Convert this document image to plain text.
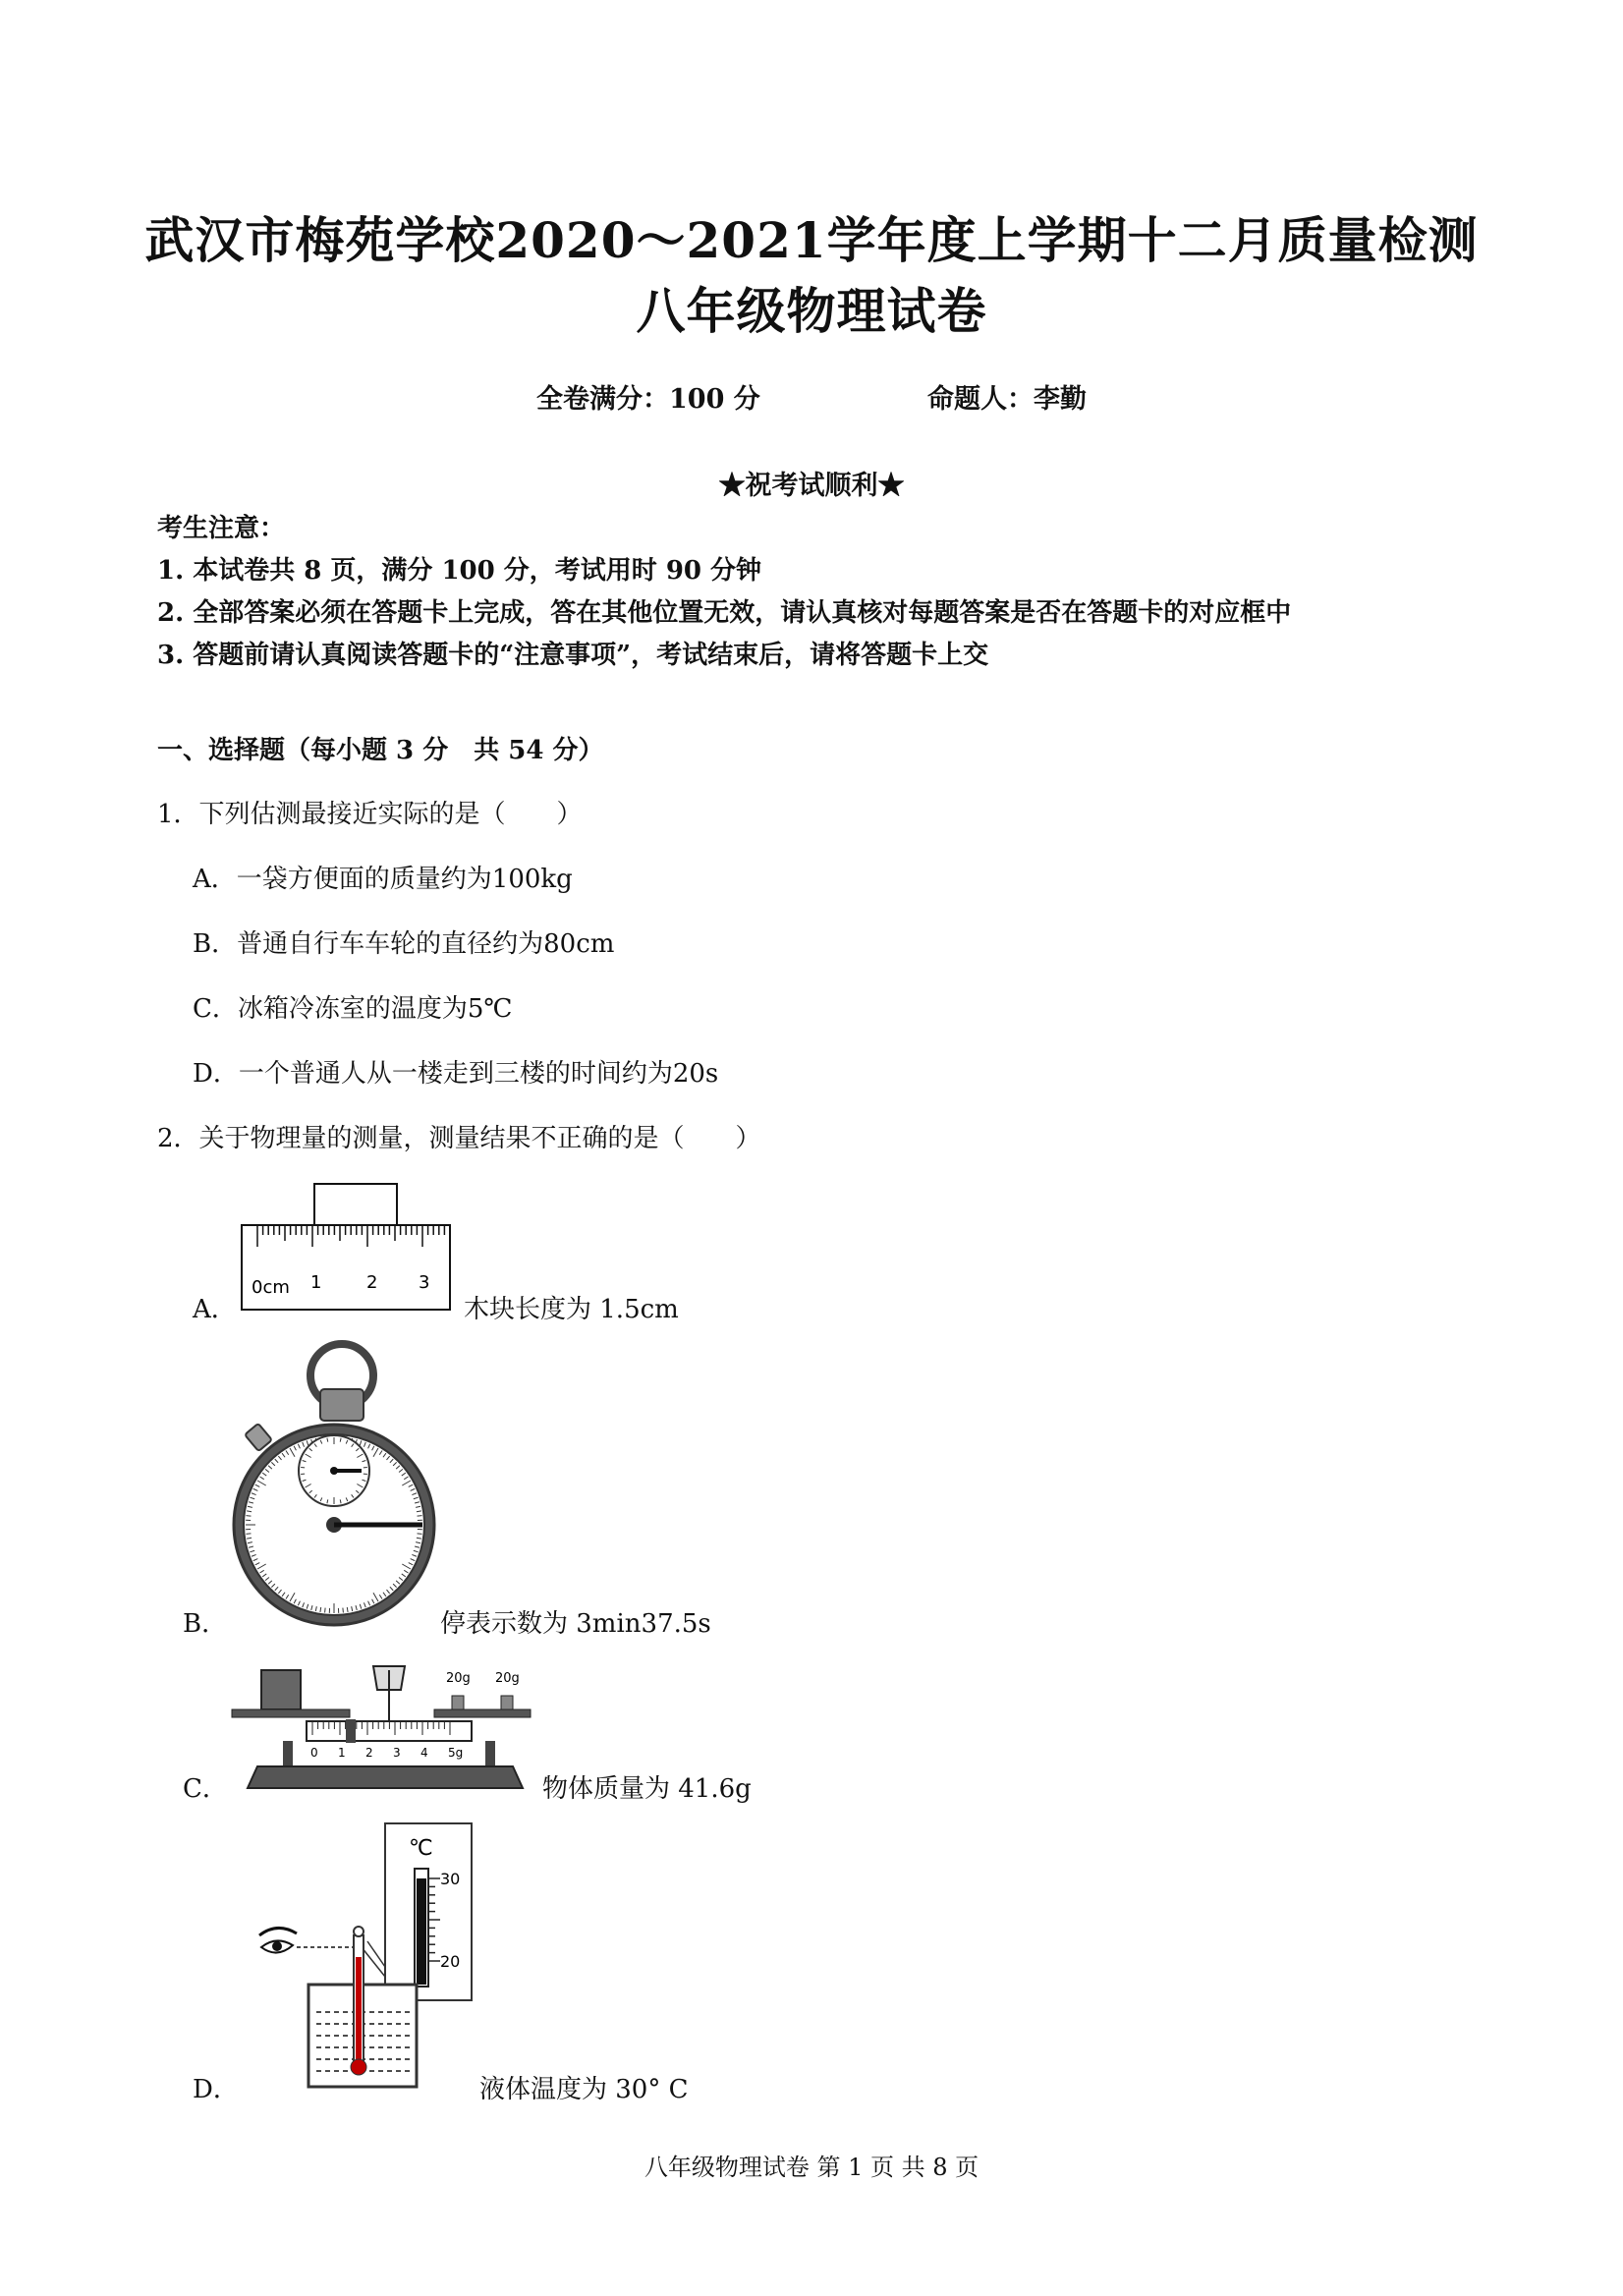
武汉市梅苑学校2020～2021学年度上学期十二月质量检测
八年级物理试卷
全卷满分：100 分	命题人：李勤
★祝考试顺利★
考生注意：
1. 本试卷共 8 页，满分 100 分，考试用时 90 分钟
2. 全部答案必须在答题卡上完成，答在其他位置无效，请认真核对每题答案是否在答题卡的对应框中
3. 答题前请认真阅读答题卡的“注意事项”，考试结束后，请将答题卡上交
一、选择题（每小题 3 分　共 54 分）
1．下列估测最接近实际的是（　　）
A．一袋方便面的质量约为100kg
B．普通自行车车轮的直径约为80cm
C．冰箱冷冻室的温度为5℃
D．一个普通人从一楼走到三楼的时间约为20s
2．关于物理量的测量，测量结果不正确的是（　　）
A．
0cm 1	2 3
木块长度为 1.5cm
B．	停表示数为 3min37.5s
C．
20g 20g
0 1 2 3 4 5g
物体质量为 41.6g
D．
℃
30
20
液体温度为 30° C
八年级物理试卷 第 1 页 共 8 页
